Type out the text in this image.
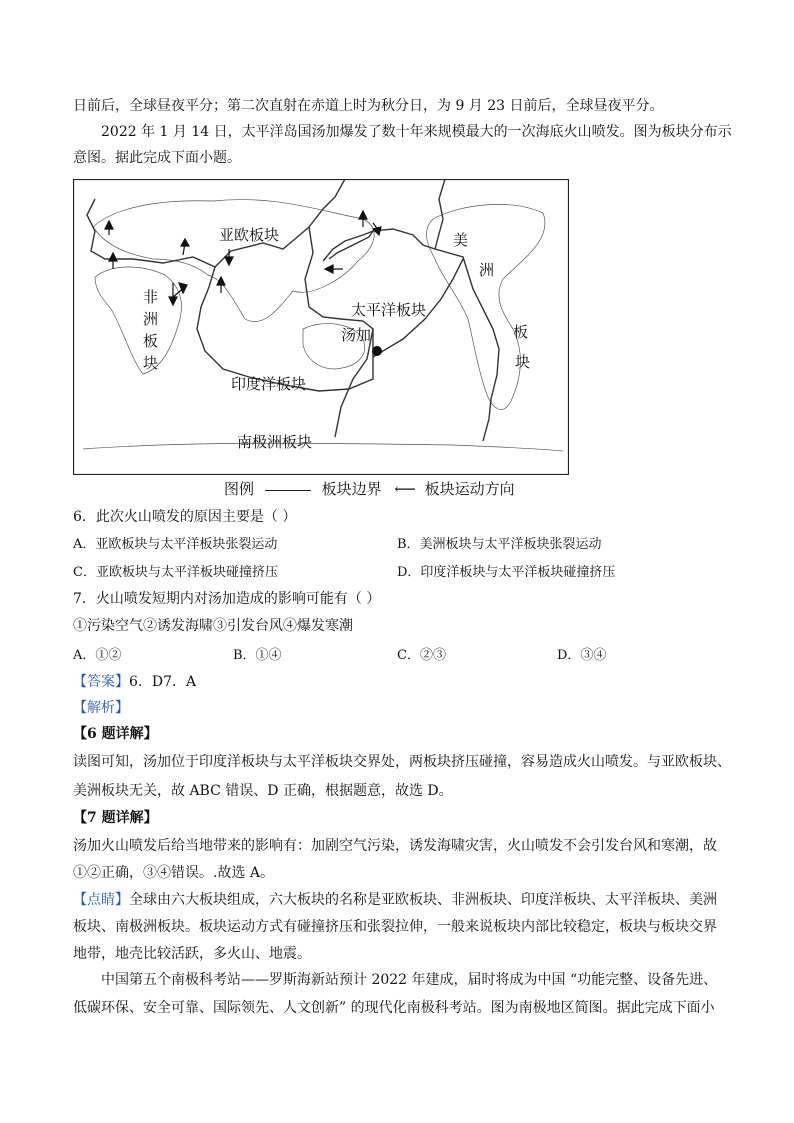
日前后，全球昼夜平分；第二次直射在赤道上时为秋分日，为 9 月 23 日前后，全球昼夜平分。
2022 年 1 月 14 日，太平洋岛国汤加爆发了数十年来规模最大的一次海底火山喷发。图为板块分布示
意图。据此完成下面小题。
亚欧板块
非
洲
板
块
太平洋板块
汤加
美
洲
板
块
印度洋板块
南极洲板块
图例	板块边界 ⟵ 板块运动方向
6．此次火山喷发的原因主要是（ ）
A．亚欧板块与太平洋板块张裂运动	B．美洲板块与太平洋板块张裂运动
C．亚欧板块与太平洋板块碰撞挤压	D．印度洋板块与太平洋板块碰撞挤压
7．火山喷发短期内对汤加造成的影响可能有（ ）
①污染空气②诱发海啸③引发台风④爆发寒潮
A．①②	B．①④	C．②③	D．③④
【答案】6．D7．A
【解析】
【6 题详解】
读图可知，汤加位于印度洋板块与太平洋板块交界处，两板块挤压碰撞，容易造成火山喷发。与亚欧板块、
美洲板块无关，故 ABC 错误、D 正确，根据题意，故选 D。
【7 题详解】
汤加火山喷发后给当地带来的影响有：加剧空气污染，诱发海啸灾害，火山喷发不会引发台风和寒潮，故
①②正确，③④错误。.故选 A。
【点睛】全球由六大板块组成，六大板块的名称是亚欧板块、非洲板块、印度洋板块、太平洋板块、美洲
板块、南极洲板块。板块运动方式有碰撞挤压和张裂拉伸，一般来说板块内部比较稳定，板块与板块交界
地带，地壳比较活跃，多火山、地震。
中国第五个南极科考站——罗斯海新站预计 2022 年建成，届时将成为中国 “功能完整、设备先进、
低碳环保、安全可靠、国际领先、人文创新” 的现代化南极科考站。图为南极地区简图。据此完成下面小
